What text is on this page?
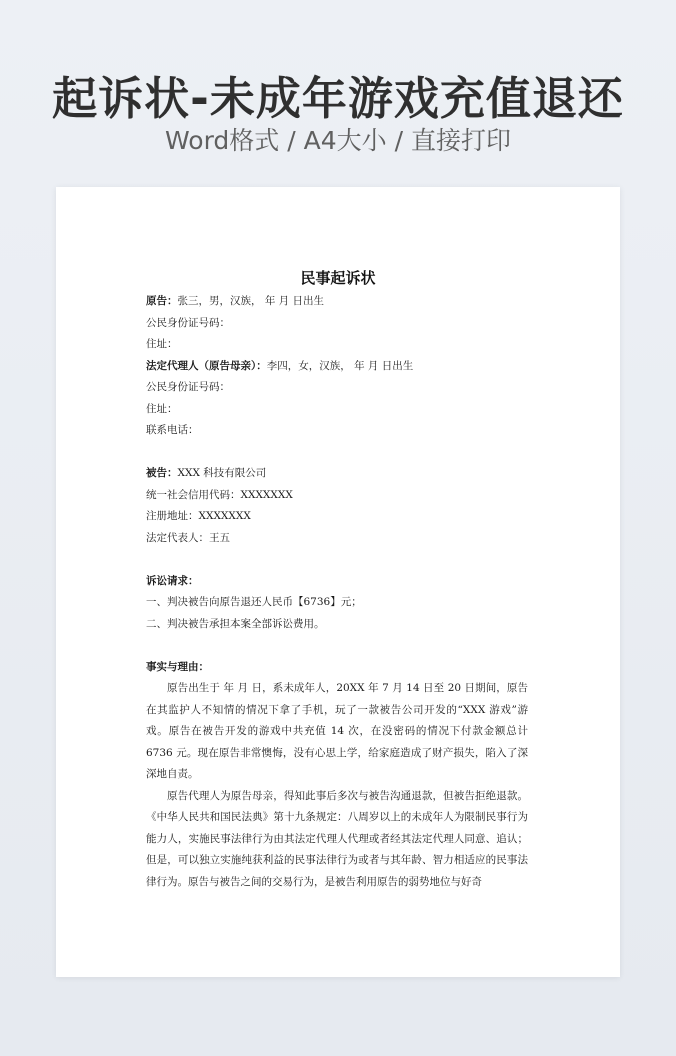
起诉状-未成年游戏充值退还
Word格式 / A4大小 / 直接打印
民事起诉状
原告：张三，男，汉族， 年 月 日出生
公民身份证号码：
住址：
法定代理人（原告母亲）：李四，女，汉族， 年 月 日出生
公民身份证号码：
住址：
联系电话：
被告：XXX 科技有限公司
统一社会信用代码：XXXXXXX
注册地址：XXXXXXX
法定代表人：王五
诉讼请求：
一、判决被告向原告退还人民币【6736】元；
二、判决被告承担本案全部诉讼费用。
事实与理由：

原告出生于 年 月 日，系未成年人，20XX 年 7 月 14 日至 20 日期间，原告在其监护人不知情的情况下拿了手机，玩了一款被告公司开发的“XXX 游戏”游戏。原告在被告开发的游戏中共充值 14 次，在没密码的情况下付款金额总计 6736 元。现在原告非常懊悔，没有心思上学，给家庭造成了财产损失，陷入了深深地自责。

原告代理人为原告母亲，得知此事后多次与被告沟通退款，但被告拒绝退款。《中华人民共和国民法典》第十九条规定：八周岁以上的未成年人为限制民事行为能力人，实施民事法律行为由其法定代理人代理或者经其法定代理人同意、追认；但是，可以独立实施纯获利益的民事法律行为或者与其年龄、智力相适应的民事法律行为。原告与被告之间的交易行为，是被告利用原告的弱势地位与好奇
